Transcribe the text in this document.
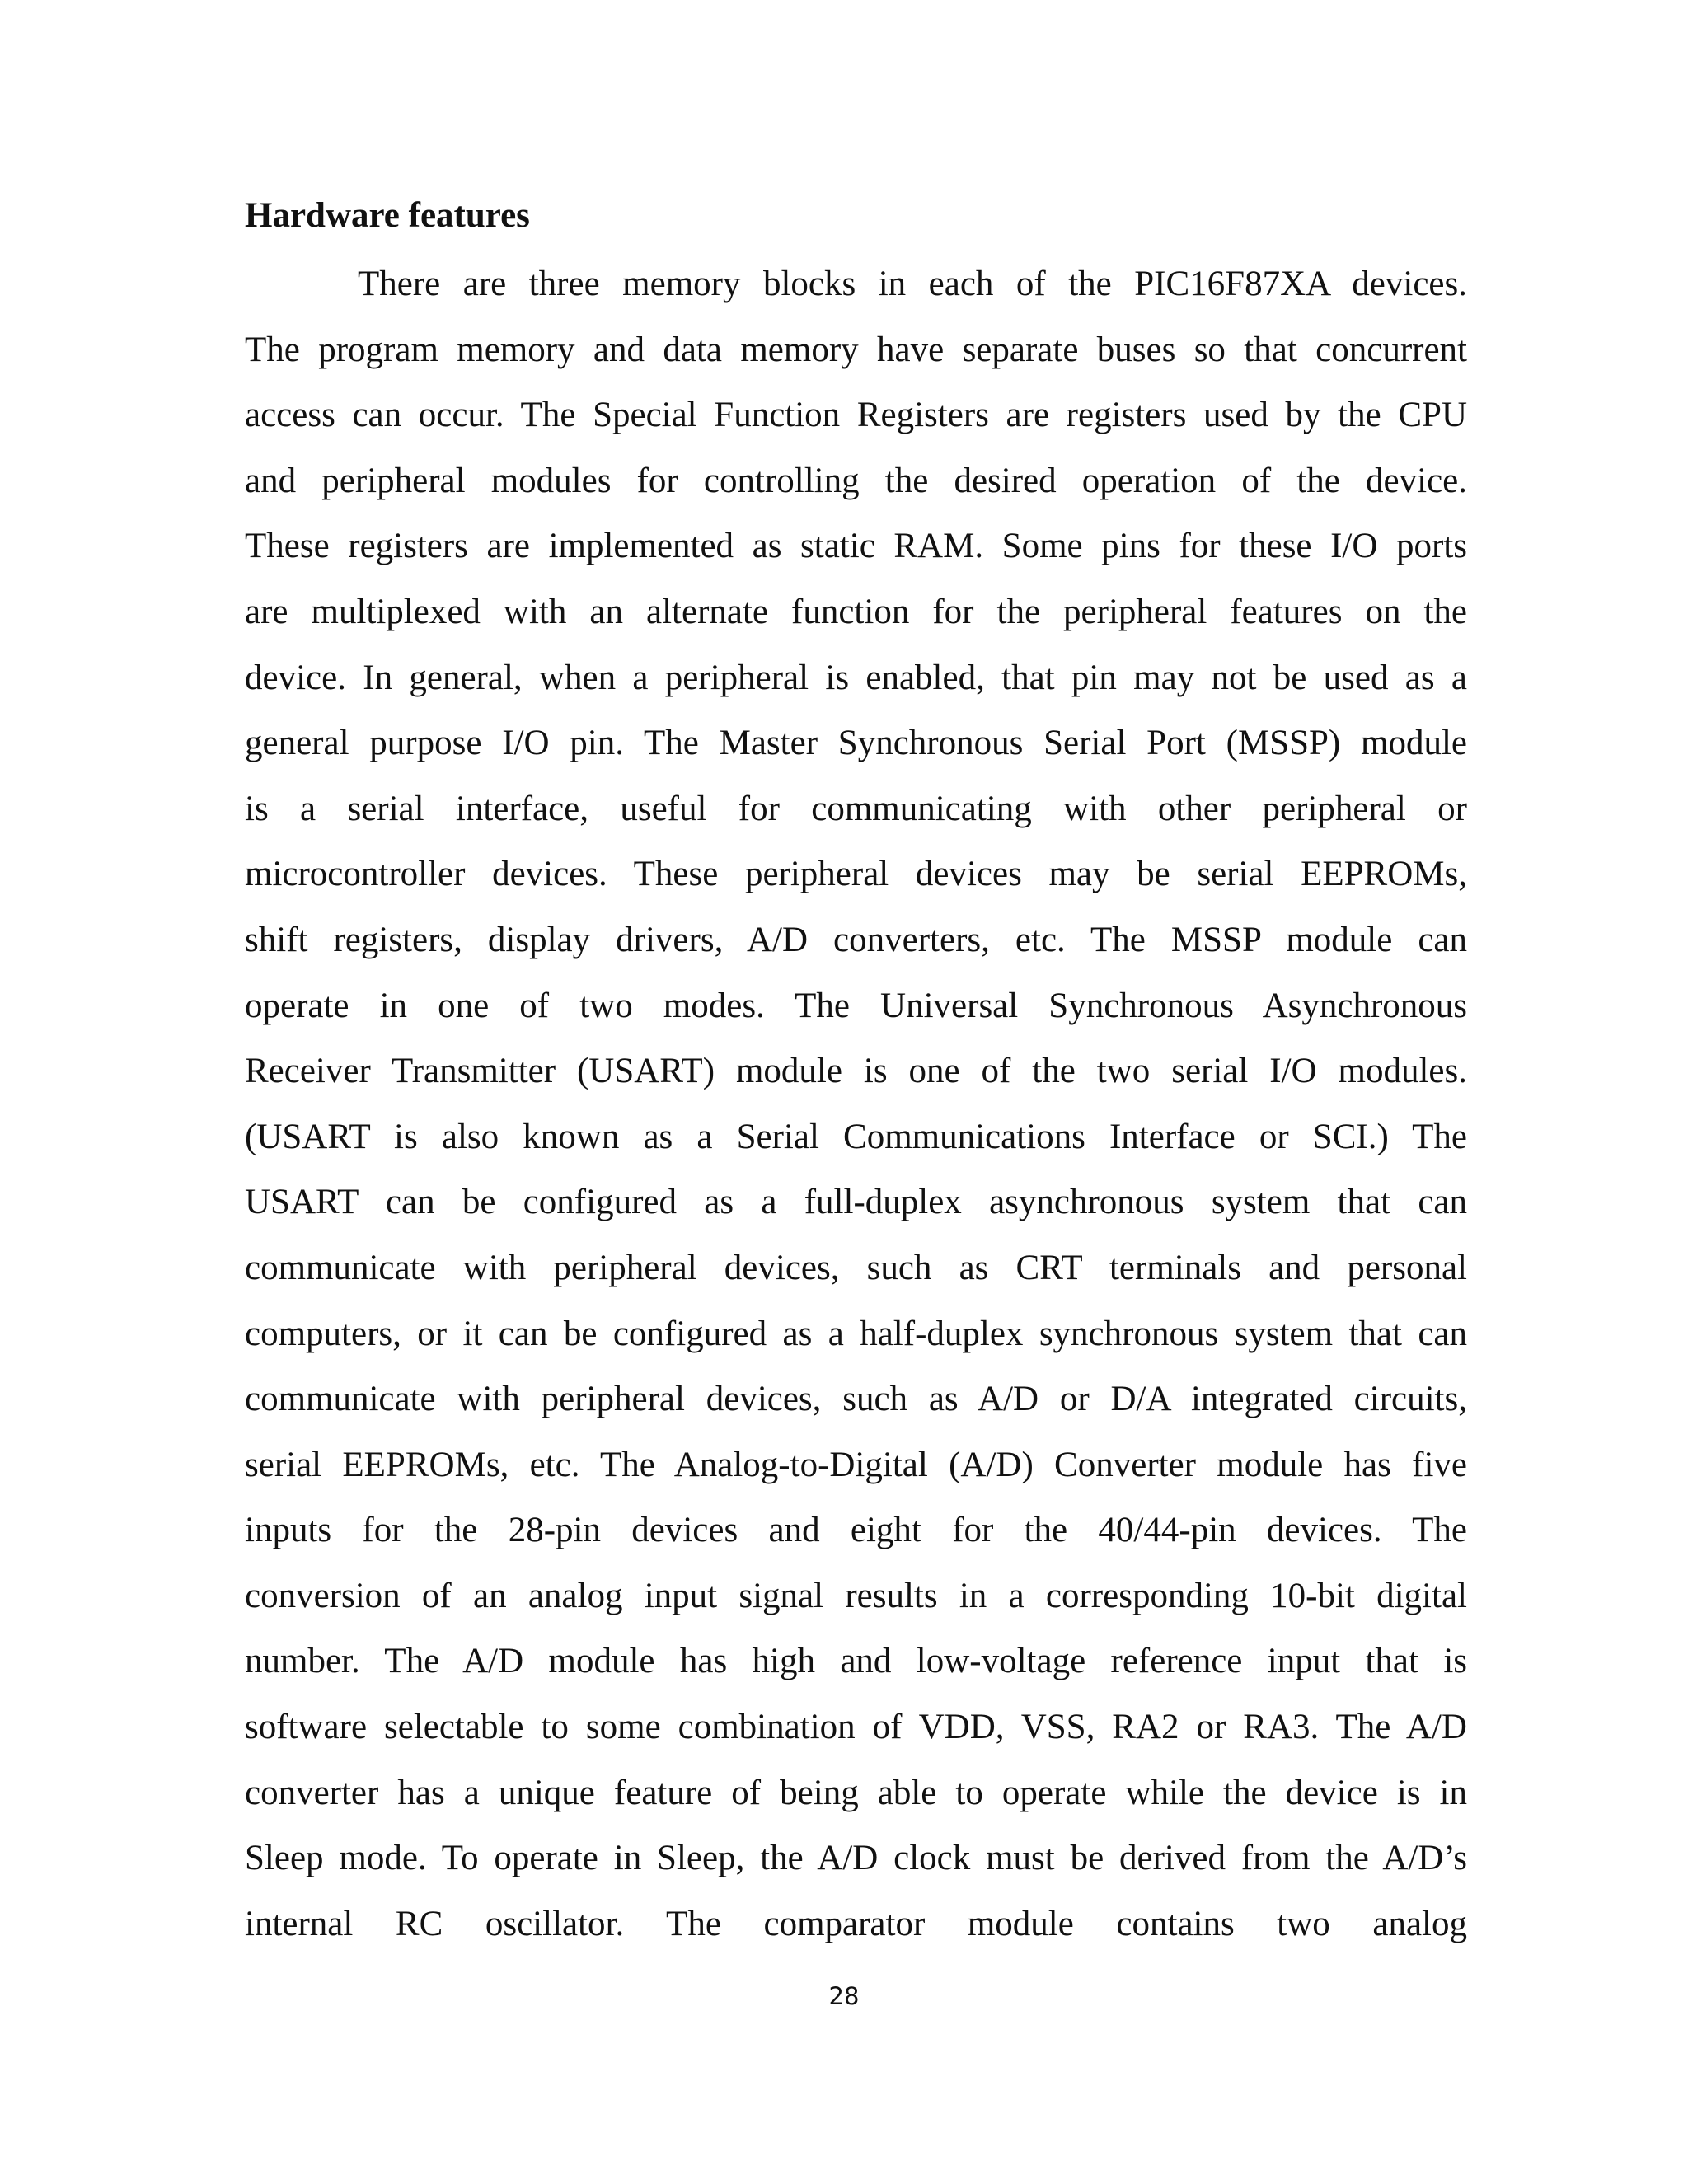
Hardware features
There are three memory blocks in each of the PIC16F87XA devices.
The program memory and data memory have separate buses so that concurrent
access can occur. The Special Function Registers are registers used by the CPU
and peripheral modules for controlling the desired operation of the device.
These registers are implemented as static RAM. Some pins for these I/O ports
are multiplexed with an alternate function for the peripheral features on the
device. In general, when a peripheral is enabled, that pin may not be used as a
general purpose I/O pin. The Master Synchronous Serial Port (MSSP) module
is a serial interface, useful for communicating with other peripheral or
microcontroller devices. These peripheral devices may be serial EEPROMs,
shift registers, display drivers, A/D converters, etc. The MSSP module can
operate in one of two modes. The Universal Synchronous Asynchronous
Receiver Transmitter (USART) module is one of the two serial I/O modules.
(USART is also known as a Serial Communications Interface or SCI.) The
USART can be configured as a full-duplex asynchronous system that can
communicate with peripheral devices, such as CRT terminals and personal
computers, or it can be configured as a half-duplex synchronous system that can
communicate with peripheral devices, such as A/D or D/A integrated circuits,
serial EEPROMs, etc. The Analog-to-Digital (A/D) Converter module has five
inputs for the 28-pin devices and eight for the 40/44-pin devices. The
conversion of an analog input signal results in a corresponding 10-bit digital
number. The A/D module has high and low-voltage reference input that is
software selectable to some combination of VDD, VSS, RA2 or RA3. The A/D
converter has a unique feature of being able to operate while the device is in
Sleep mode. To operate in Sleep, the A/D clock must be derived from the A/D’s
internal RC oscillator. The comparator module contains two analog
28
